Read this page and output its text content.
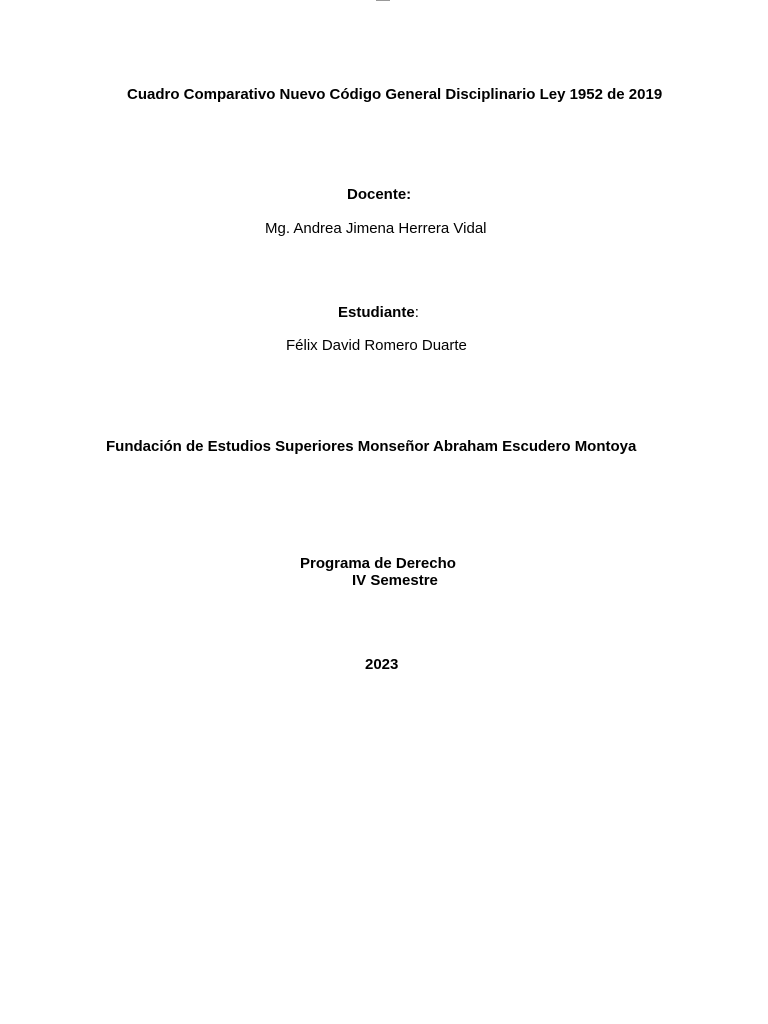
Cuadro Comparativo Nuevo Código General Disciplinario Ley 1952 de 2019
Docente:
Mg. Andrea Jimena Herrera Vidal
Estudiante:
Félix David Romero Duarte
Fundación de Estudios Superiores Monseñor Abraham Escudero Montoya
Programa de Derecho
IV Semestre
2023
